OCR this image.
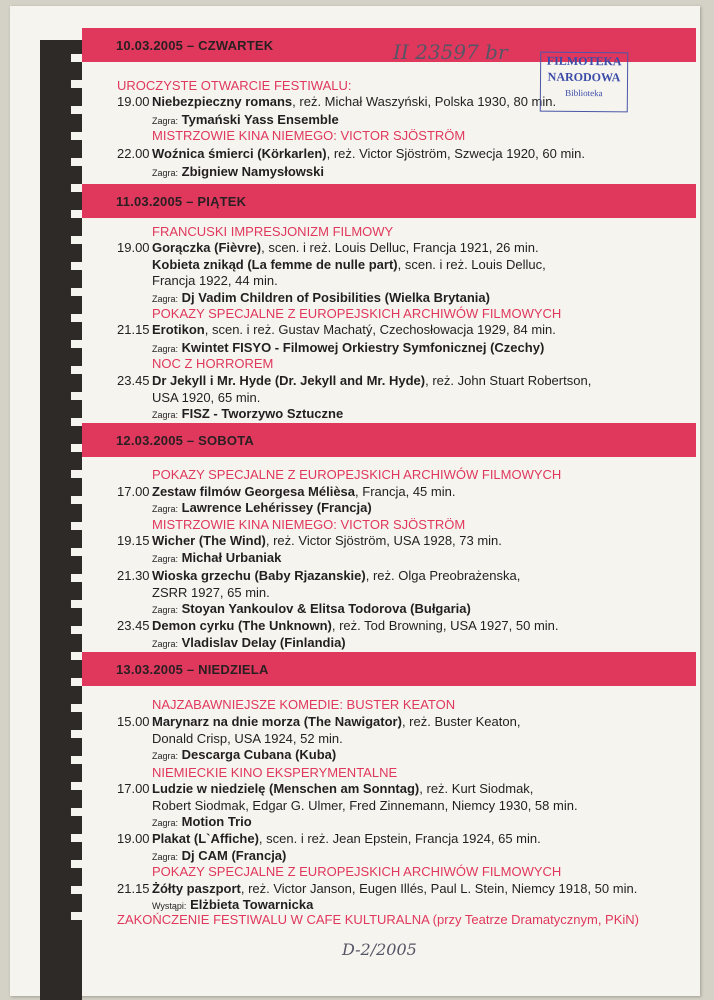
10.03.2005 – CZWARTEK
11.03.2005 – PIĄTEK
12.03.2005 – SOBOTA
13.03.2005 – NIEDZIELA
UROCZYSTE OTWARCIE FESTIWALU:
19.00 Niebezpieczny romans, reż. Michał Waszyński, Polska 1930, 80 min.
Zagra: Tymański Yass Ensemble
MISTRZOWIE KINA NIEMEGO: VICTOR SJÖSTRÖM
22.00 Woźnica śmierci (Körkarlen), reż. Victor Sjöström, Szwecja 1920, 60 min.
Zagra: Zbigniew Namysłowski
FRANCUSKI IMPRESJONIZM FILMOWY
19.00 Gorączka (Fièvre), scen. i reż. Louis Delluc, Francja 1921, 26 min.
Kobieta znikąd (La femme de nulle part), scen. i reż. Louis Delluc,
Francja 1922, 44 min.
Zagra: Dj Vadim Children of Posibilities (Wielka Brytania)
POKAZY SPECJALNE Z EUROPEJSKICH ARCHIWÓW FILMOWYCH
21.15 Erotikon, scen. i reż. Gustav Machatý, Czechosłowacja 1929, 84 min.
Zagra: Kwintet FISYO - Filmowej Orkiestry Symfonicznej (Czechy)
NOC Z HORROREM
23.45 Dr Jekyll i Mr. Hyde (Dr. Jekyll and Mr. Hyde), reż. John Stuart Robertson,
USA 1920, 65 min.
Zagra: FISZ - Tworzywo Sztuczne
POKAZY SPECJALNE Z EUROPEJSKICH ARCHIWÓW FILMOWYCH
17.00 Zestaw filmów Georgesa Mélièsa, Francja, 45 min.
Zagra: Lawrence Lehérissey (Francja)
MISTRZOWIE KINA NIEMEGO: VICTOR SJÖSTRÖM
19.15 Wicher (The Wind), reż. Victor Sjöström, USA 1928, 73 min.
Zagra: Michał Urbaniak
21.30 Wioska grzechu (Baby Rjazanskie), reż. Olga Preobrażenska,
ZSRR 1927, 65 min.
Zagra: Stoyan Yankoulov & Elitsa Todorova (Bułgaria)
23.45 Demon cyrku (The Unknown), reż. Tod Browning, USA 1927, 50 min.
Zagra: Vladislav Delay (Finlandia)
NAJZABAWNIEJSZE KOMEDIE: BUSTER KEATON
15.00 Marynarz na dnie morza (The Nawigator), reż. Buster Keaton,
Donald Crisp, USA 1924, 52 min.
Zagra: Descarga Cubana (Kuba)
NIEMIECKIE KINO EKSPERYMENTALNE
17.00 Ludzie w niedzielę (Menschen am Sonntag), reż. Kurt Siodmak,
Robert Siodmak, Edgar G. Ulmer, Fred Zinnemann, Niemcy 1930, 58 min.
Zagra: Motion Trio
19.00 Plakat (L`Affiche), scen. i reż. Jean Epstein, Francja 1924, 65 min.
Zagra: Dj CAM (Francja)
POKAZY SPECJALNE Z EUROPEJSKICH ARCHIWÓW FILMOWYCH
21.15 Żółty paszport, reż. Victor Janson, Eugen Illés, Paul L. Stein, Niemcy 1918, 50 min.
Wystąpi: Elżbieta Towarnicka
ZAKOŃCZENIE FESTIWALU W CAFE KULTURALNA (przy Teatrze Dramatycznym, PKiN)
FILMOTEKA
NARODOWA
Biblioteka
II 23597 br
D-2/2005
